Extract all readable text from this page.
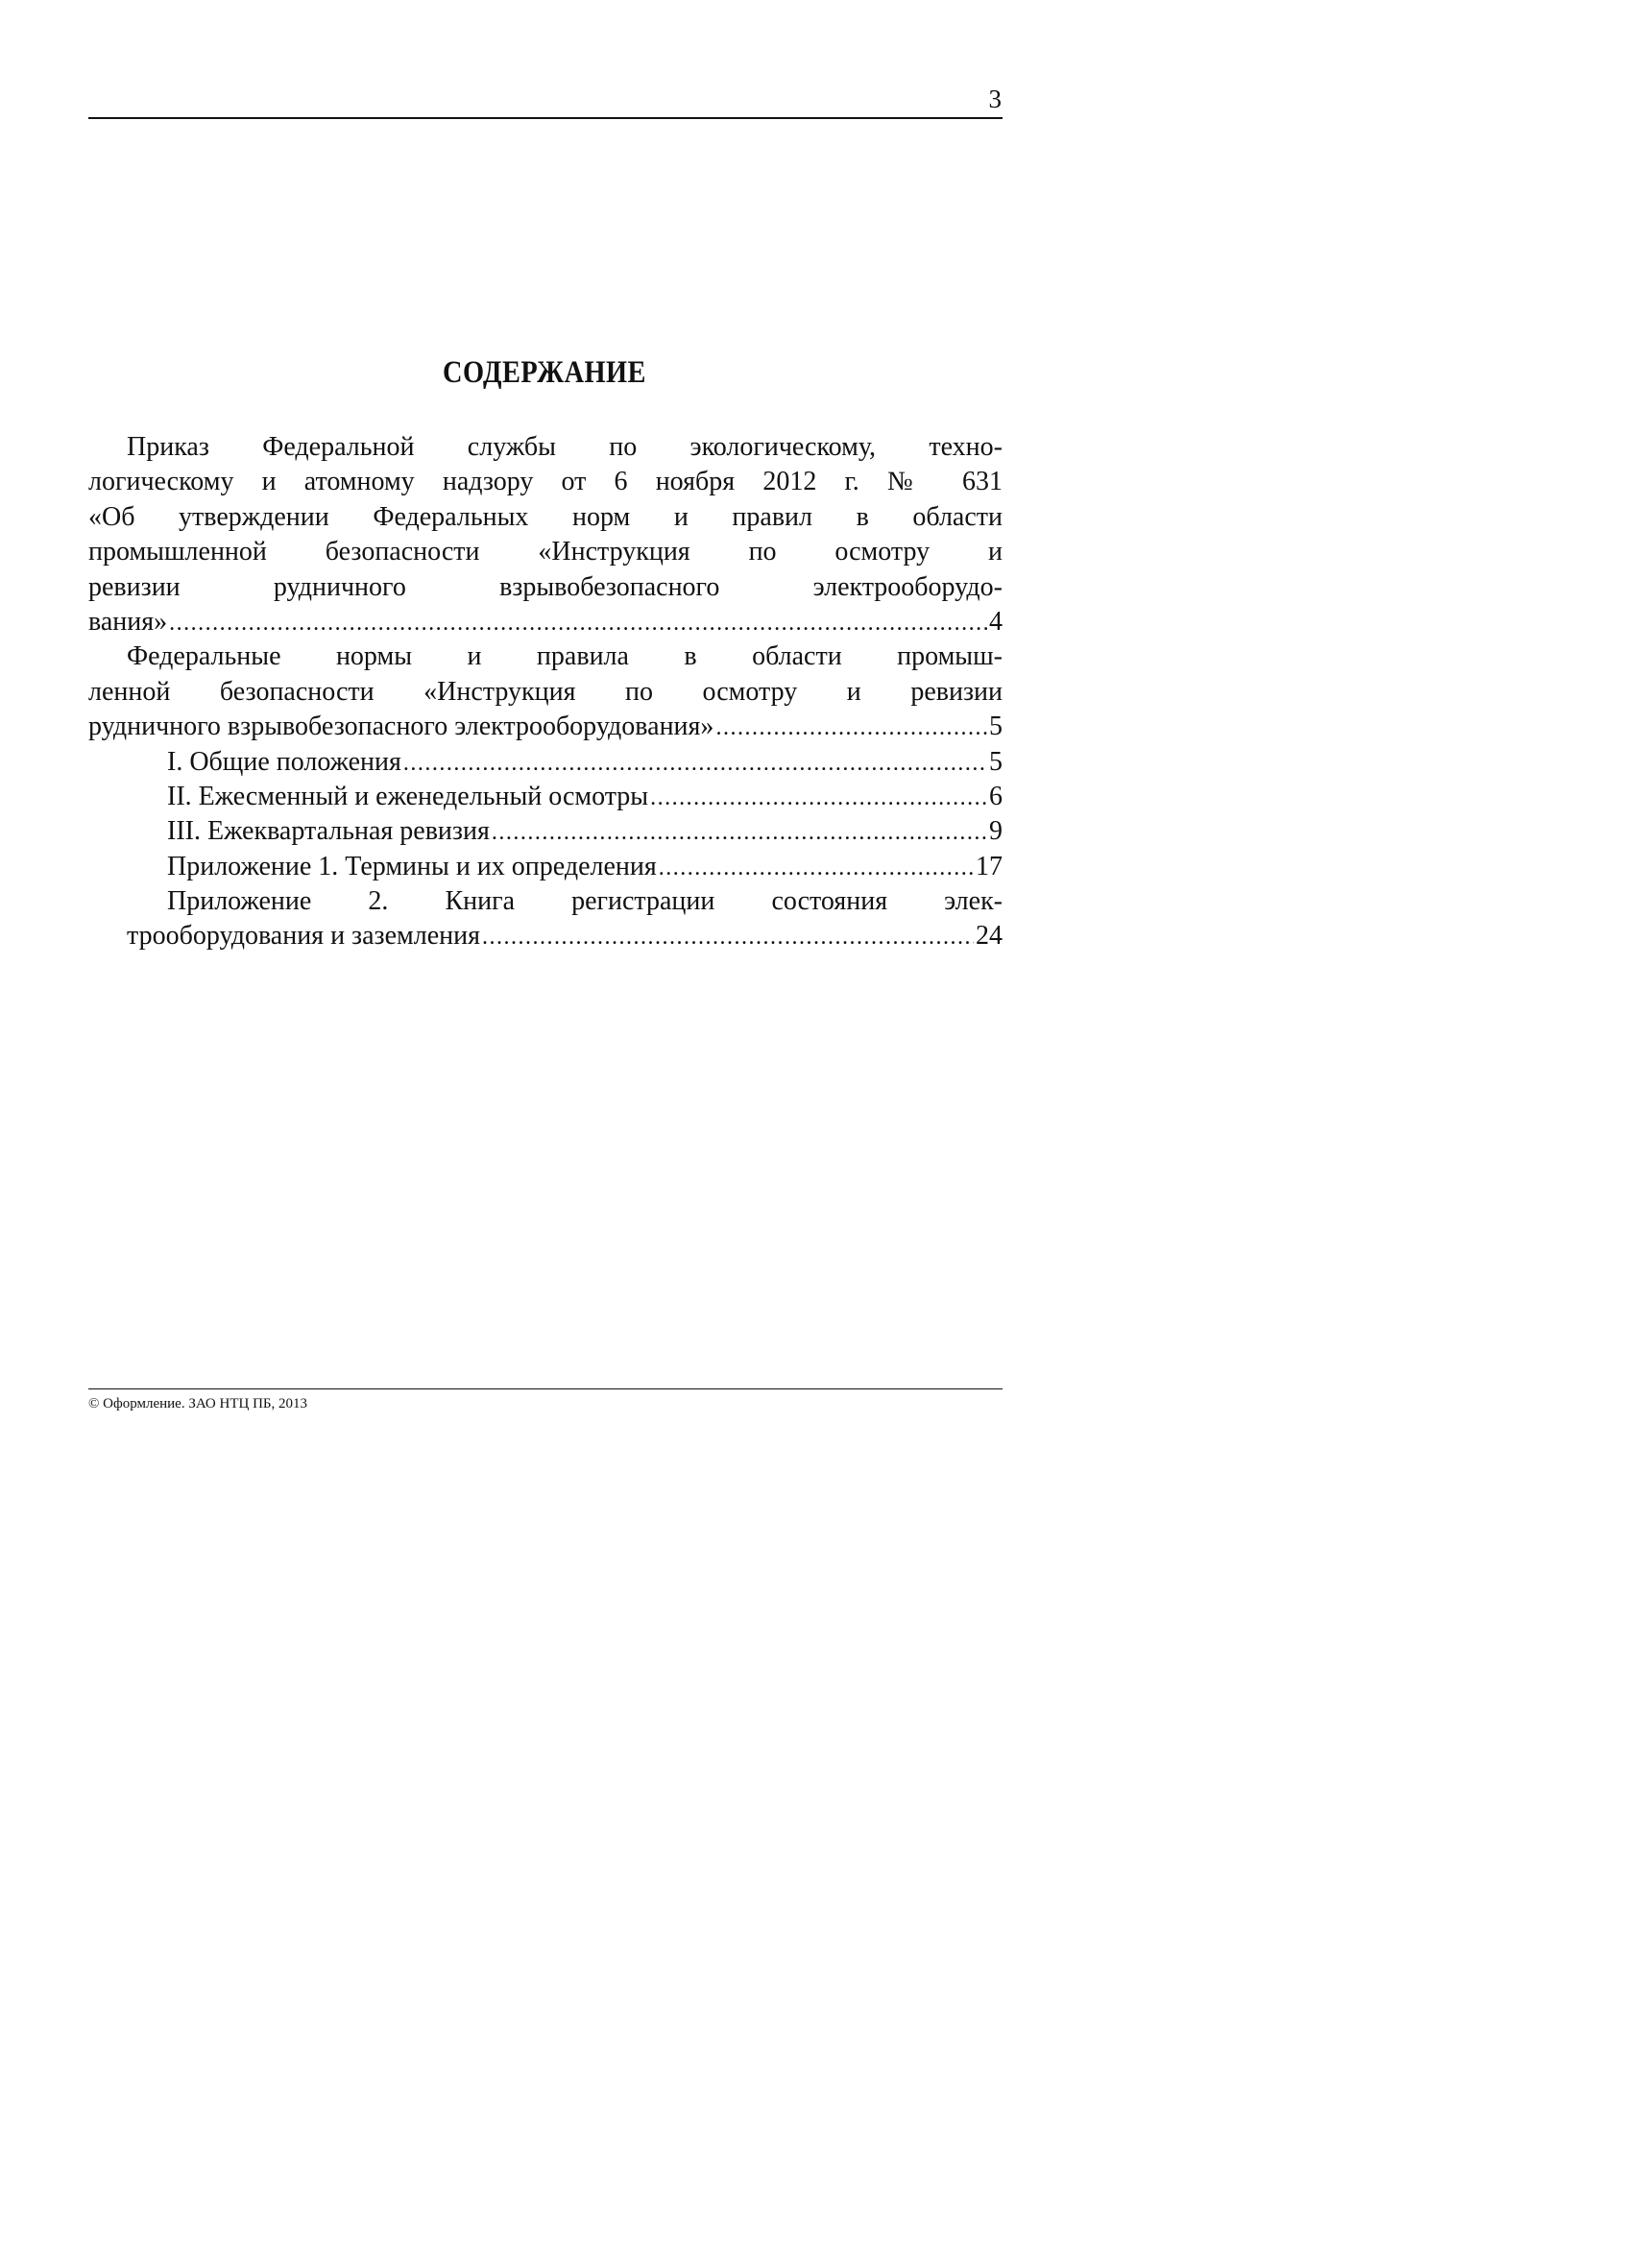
3
СОДЕРЖАНИЕ
Приказ Федеральной службы по экологическому, техно-
логическому и атомному надзору от 6 ноября 2012 г. № 631
«Об утверждении Федеральных норм и правил в области
промышленной безопасности «Инструкция по осмотру и
ревизии рудничного взрывобезопасного электрооборудо-
вания» .....	4
Федеральные нормы и правила в области промыш-
ленной безопасности «Инструкция по осмотру и ревизии
рудничного взрывобезопасного электрооборудования» .....	5
I. Общие положения .....	5
II. Ежесменный и еженедельный осмотры .....	6
III. Ежеквартальная ревизия .....	9
Приложение 1. Термины и их определения .....	17
Приложение 2. Книга регистрации состояния элек-
трооборудования и заземления .....	24
© Оформление. ЗАО НТЦ ПБ, 2013
